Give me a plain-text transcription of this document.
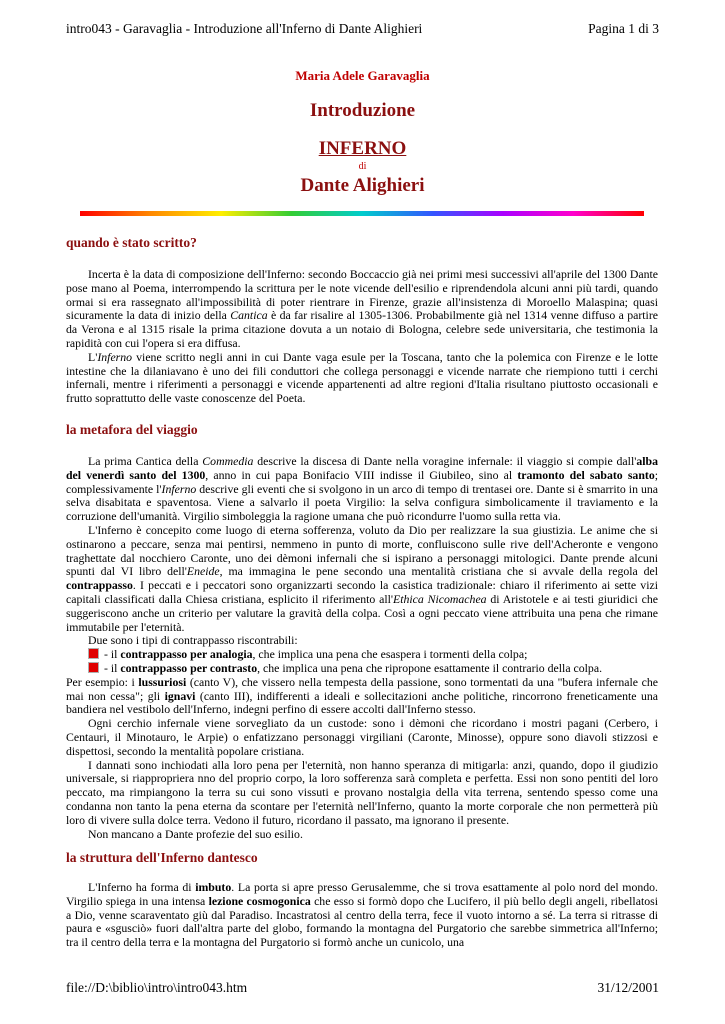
intro043 - Garavaglia - Introduzione all'Inferno di Dante Alighieri	Pagina 1 di 3
Maria Adele Garavaglia
Introduzione
INFERNO
di
Dante Alighieri
quando è stato scritto?

Incerta è la data di composizione dell'Inferno: secondo Boccaccio già nei primi mesi successivi all'aprile del 1300 Dante pose mano al Poema, interrompendo la scrittura per le note vicende dell'esilio e riprendendola alcuni anni più tardi, quando ormai si era rassegnato all'impossibilità di poter rientrare in Firenze, grazie all'insistenza di Moroello Malaspina; quasi sicuramente la data di inizio della Cantica è da far risalire al 1305-1306. Probabilmente già nel 1314 venne diffuso a partire da Verona e al 1315 risale la prima citazione dovuta a un notaio di Bologna, celebre sede universitaria, che testimonia la rapidità con cui l'opera si era diffusa.

L'Inferno viene scritto negli anni in cui Dante vaga esule per la Toscana, tanto che la polemica con Firenze e le lotte intestine che la dilaniavano è uno dei fili conduttori che collega personaggi e vicende narrate che riempiono tutti i cerchi infernali, mentre i riferimenti a personaggi e vicende appartenenti ad altre regioni d'Italia risultano piuttosto occasionali e frutto soprattutto delle vaste conoscenze del Poeta.

la metafora del viaggio

La prima Cantica della Commedia descrive la discesa di Dante nella voragine infernale: il viaggio si compie dall'alba del venerdì santo del 1300, anno in cui papa Bonifacio VIII indisse il Giubileo, sino al tramonto del sabato santo; complessivamente l'Inferno descrive gli eventi che si svolgono in un arco di tempo di trentasei ore. Dante si è smarrito in una selva disabitata e spaventosa. Viene a salvarlo il poeta Virgilio: la selva configura simbolicamente il traviamento e la corruzione dell'umanità. Virgilio simboleggia la ragione umana che può ricondurre l'uomo sulla retta via.

L'Inferno è concepito come luogo di eterna sofferenza, voluto da Dio per realizzare la sua giustizia. Le anime che si ostinarono a peccare, senza mai pentirsi, nemmeno in punto di morte, confluiscono sulle rive dell'Acheronte e vengono traghettate dal nocchiero Caronte, uno dei dèmoni infernali che si ispirano a personaggi mitologici. Dante prende alcuni spunti dal VI libro dell'Eneide, ma immagina le pene secondo una mentalità cristiana che si avvale della regola del contrappasso. I peccati e i peccatori sono organizzarti secondo la casistica tradizionale: chiaro il riferimento ai sette vizi capitali classificati dalla Chiesa cristiana, esplicito il riferimento all'Ethica Nicomachea di Aristotele e ai testi giuridici che suggeriscono anche un criterio per valutare la gravità della colpa. Così a ogni peccato viene attribuita una pena che rimane immutabile per l'eternità.

Due sono i tipi di contrappasso riscontrabili:

- il contrappasso per analogia, che implica una pena che esaspera i tormenti della colpa;

- il contrappasso per contrasto, che implica una pena che ripropone esattamente il contrario della colpa.

Per esempio: i lussuriosi (canto V), che vissero nella tempesta della passione, sono tormentati da una "bufera infernale che mai non cessa"; gli ignavi (canto III), indifferenti a ideali e sollecitazioni anche politiche, rincorrono freneticamente una bandiera nel vestibolo dell'Inferno, indegni perfino di essere accolti dall'Inferno stesso.

Ogni cerchio infernale viene sorvegliato da un custode: sono i dèmoni che ricordano i mostri pagani (Cerbero, i Centauri, il Minotauro, le Arpie) o enfatizzano personaggi virgiliani (Caronte, Minosse), oppure sono diavoli stizzosi e dispettosi, secondo la mentalità popolare cristiana.

I dannati sono inchiodati alla loro pena per l'eternità, non hanno speranza di mitigarla: anzi, quando, dopo il giudizio universale, si riappropriera nno del proprio corpo, la loro sofferenza sarà completa e perfetta. Essi non sono pentiti del loro peccato, ma rimpiangono la terra su cui sono vissuti e provano nostalgia della vita terrena, sentendo spesso come una condanna non tanto la pena eterna da scontare per l'eternità nell'Inferno, quanto la morte corporale che non permetterà più loro di vivere sulla dolce terra. Vedono il futuro, ricordano il passato, ma ignorano il presente.

Non mancano a Dante profezie del suo esilio.

la struttura dell'Inferno dantesco

L'Inferno ha forma di imbuto. La porta si apre presso Gerusalemme, che si trova esattamente al polo nord del mondo. Virgilio spiega in una intensa lezione cosmogonica che esso si formò dopo che Lucifero, il più bello degli angeli, ribellatosi a Dio, venne scaraventato giù dal Paradiso. Incastratosi al centro della terra, fece il vuoto intorno a sé. La terra si ritrasse di paura e «sgusciò» fuori dall'altra parte del globo, formando la montagna del Purgatorio che sarebbe simmetrica all'Inferno; tra il centro della terra e la montagna del Purgatorio si formò anche un cunicolo, una

file://D:\biblio\intro\intro043.htm	31/12/2001
